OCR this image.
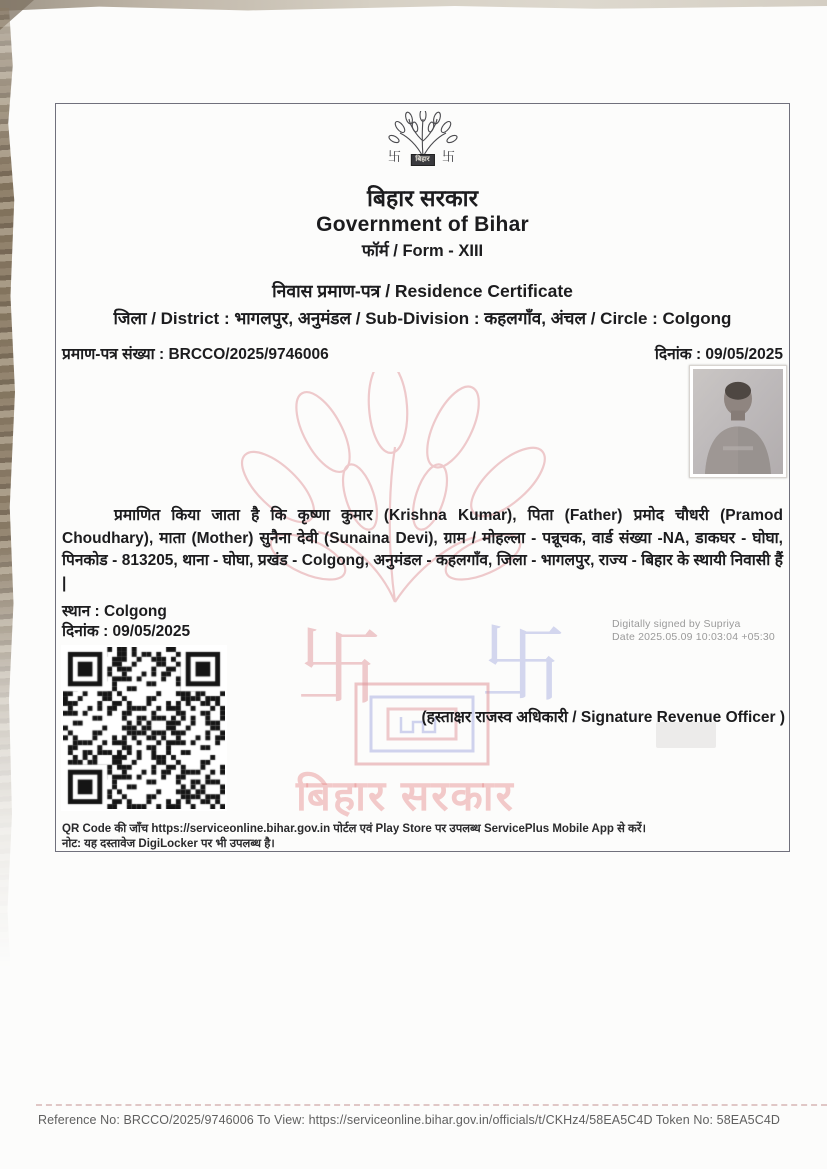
卐 卐
बिहार सरकार
卐	卐
बिहार
बिहार सरकार
Government of Bihar
फॉर्म / Form - XIII
निवास प्रमाण-पत्र / Residence Certificate
जिला / District : भागलपुर, अनुमंडल / Sub-Division : कहलगाँव, अंचल / Circle : Colgong
प्रमाण-पत्र संख्या : BRCCO/2025/9746006	दिनांक : 09/05/2025
प्रमाणित किया जाता है कि कृष्णा कुमार (Krishna Kumar), पिता (Father) प्रमोद चौधरी (Pramod Choudhary), माता (Mother) सुनैना देवी (Sunaina Devi), ग्राम / मोहल्ला - पन्नूचक, वार्ड संख्या -NA, डाकघर - घोघा, पिनकोड - 813205, थाना - घोघा, प्रखंड - Colgong, अनुमंडल - कहलगाँव, जिला - भागलपुर, राज्य - बिहार के स्थायी निवासी हैं |
स्थान : Colgong
दिनांक : 09/05/2025	Digitally signed by Supriya
Date 2025.05.09 10:03:04 +05:30
(हस्ताक्षर राजस्व अधिकारी / Signature Revenue Officer )
QR Code की जाँच https://serviceonline.bihar.gov.in पोर्टल एवं Play Store पर उपलब्ध ServicePlus Mobile App से करें।
नोट: यह दस्तावेज DigiLocker पर भी उपलब्ध है।
Reference No: BRCCO/2025/9746006 To View: https://serviceonline.bihar.gov.in/officials/t/CKHz4/58EA5C4D Token No: 58EA5C4D
